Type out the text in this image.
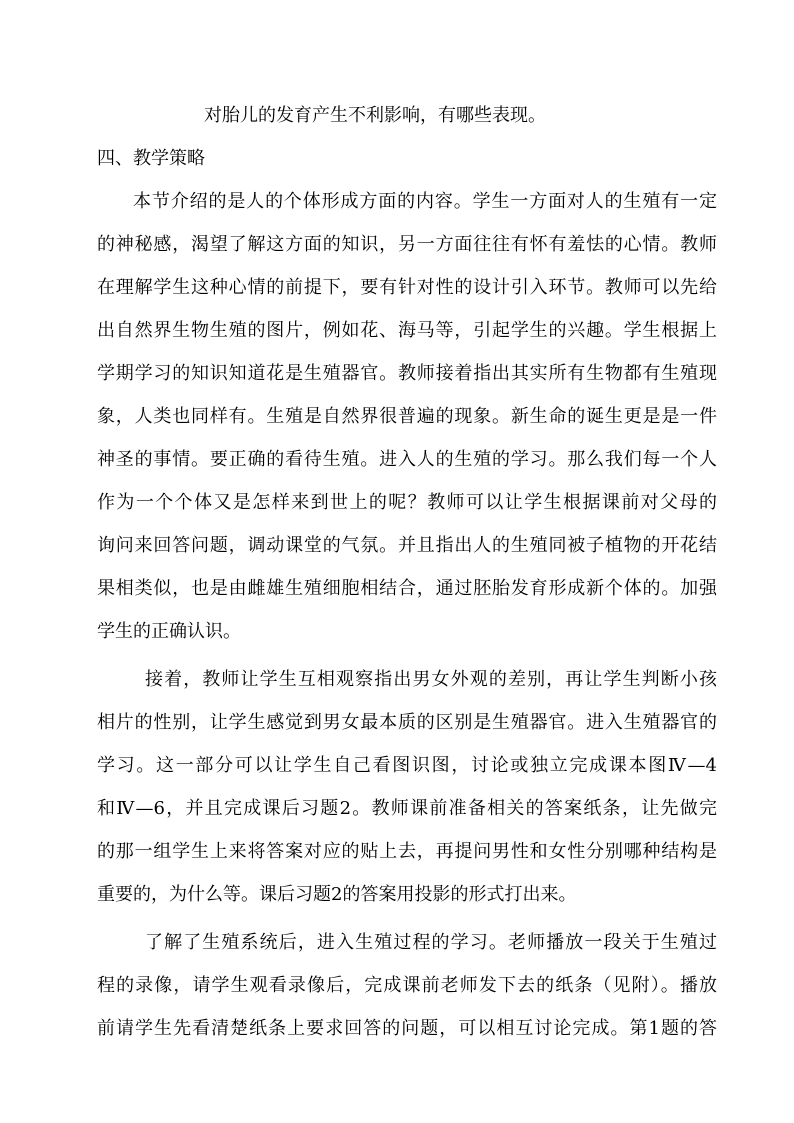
对胎儿的发育产生不利影响，有哪些表现。
四、教学策略
本节介绍的是人的个体形成方面的内容。学生一方面对人的生殖有一定
的神秘感，渴望了解这方面的知识，另一方面往往有怀有羞怯的心情。教师
在理解学生这种心情的前提下，要有针对性的设计引入环节。教师可以先给
出自然界生物生殖的图片，例如花、海马等，引起学生的兴趣。学生根据上
学期学习的知识知道花是生殖器官。教师接着指出其实所有生物都有生殖现
象，人类也同样有。生殖是自然界很普遍的现象。新生命的诞生更是是一件
神圣的事情。要正确的看待生殖。进入人的生殖的学习。那么我们每一个人
作为一个个体又是怎样来到世上的呢？教师可以让学生根据课前对父母的
询问来回答问题，调动课堂的气氛。并且指出人的生殖同被子植物的开花结
果相类似，也是由雌雄生殖细胞相结合，通过胚胎发育形成新个体的。加强
学生的正确认识。
接着，教师让学生互相观察指出男女外观的差别，再让学生判断小孩
相片的性别，让学生感觉到男女最本质的区别是生殖器官。进入生殖器官的
学习。这一部分可以让学生自己看图识图，讨论或独立完成课本图Ⅳ—4
和Ⅳ—6，并且完成课后习题2。教师课前准备相关的答案纸条，让先做完
的那一组学生上来将答案对应的贴上去，再提问男性和女性分别哪种结构是
重要的，为什么等。课后习题2的答案用投影的形式打出来。
了解了生殖系统后，进入生殖过程的学习。老师播放一段关于生殖过
程的录像，请学生观看录像后，完成课前老师发下去的纸条（见附）。播放
前请学生先看清楚纸条上要求回答的问题，可以相互讨论完成。第1题的答
